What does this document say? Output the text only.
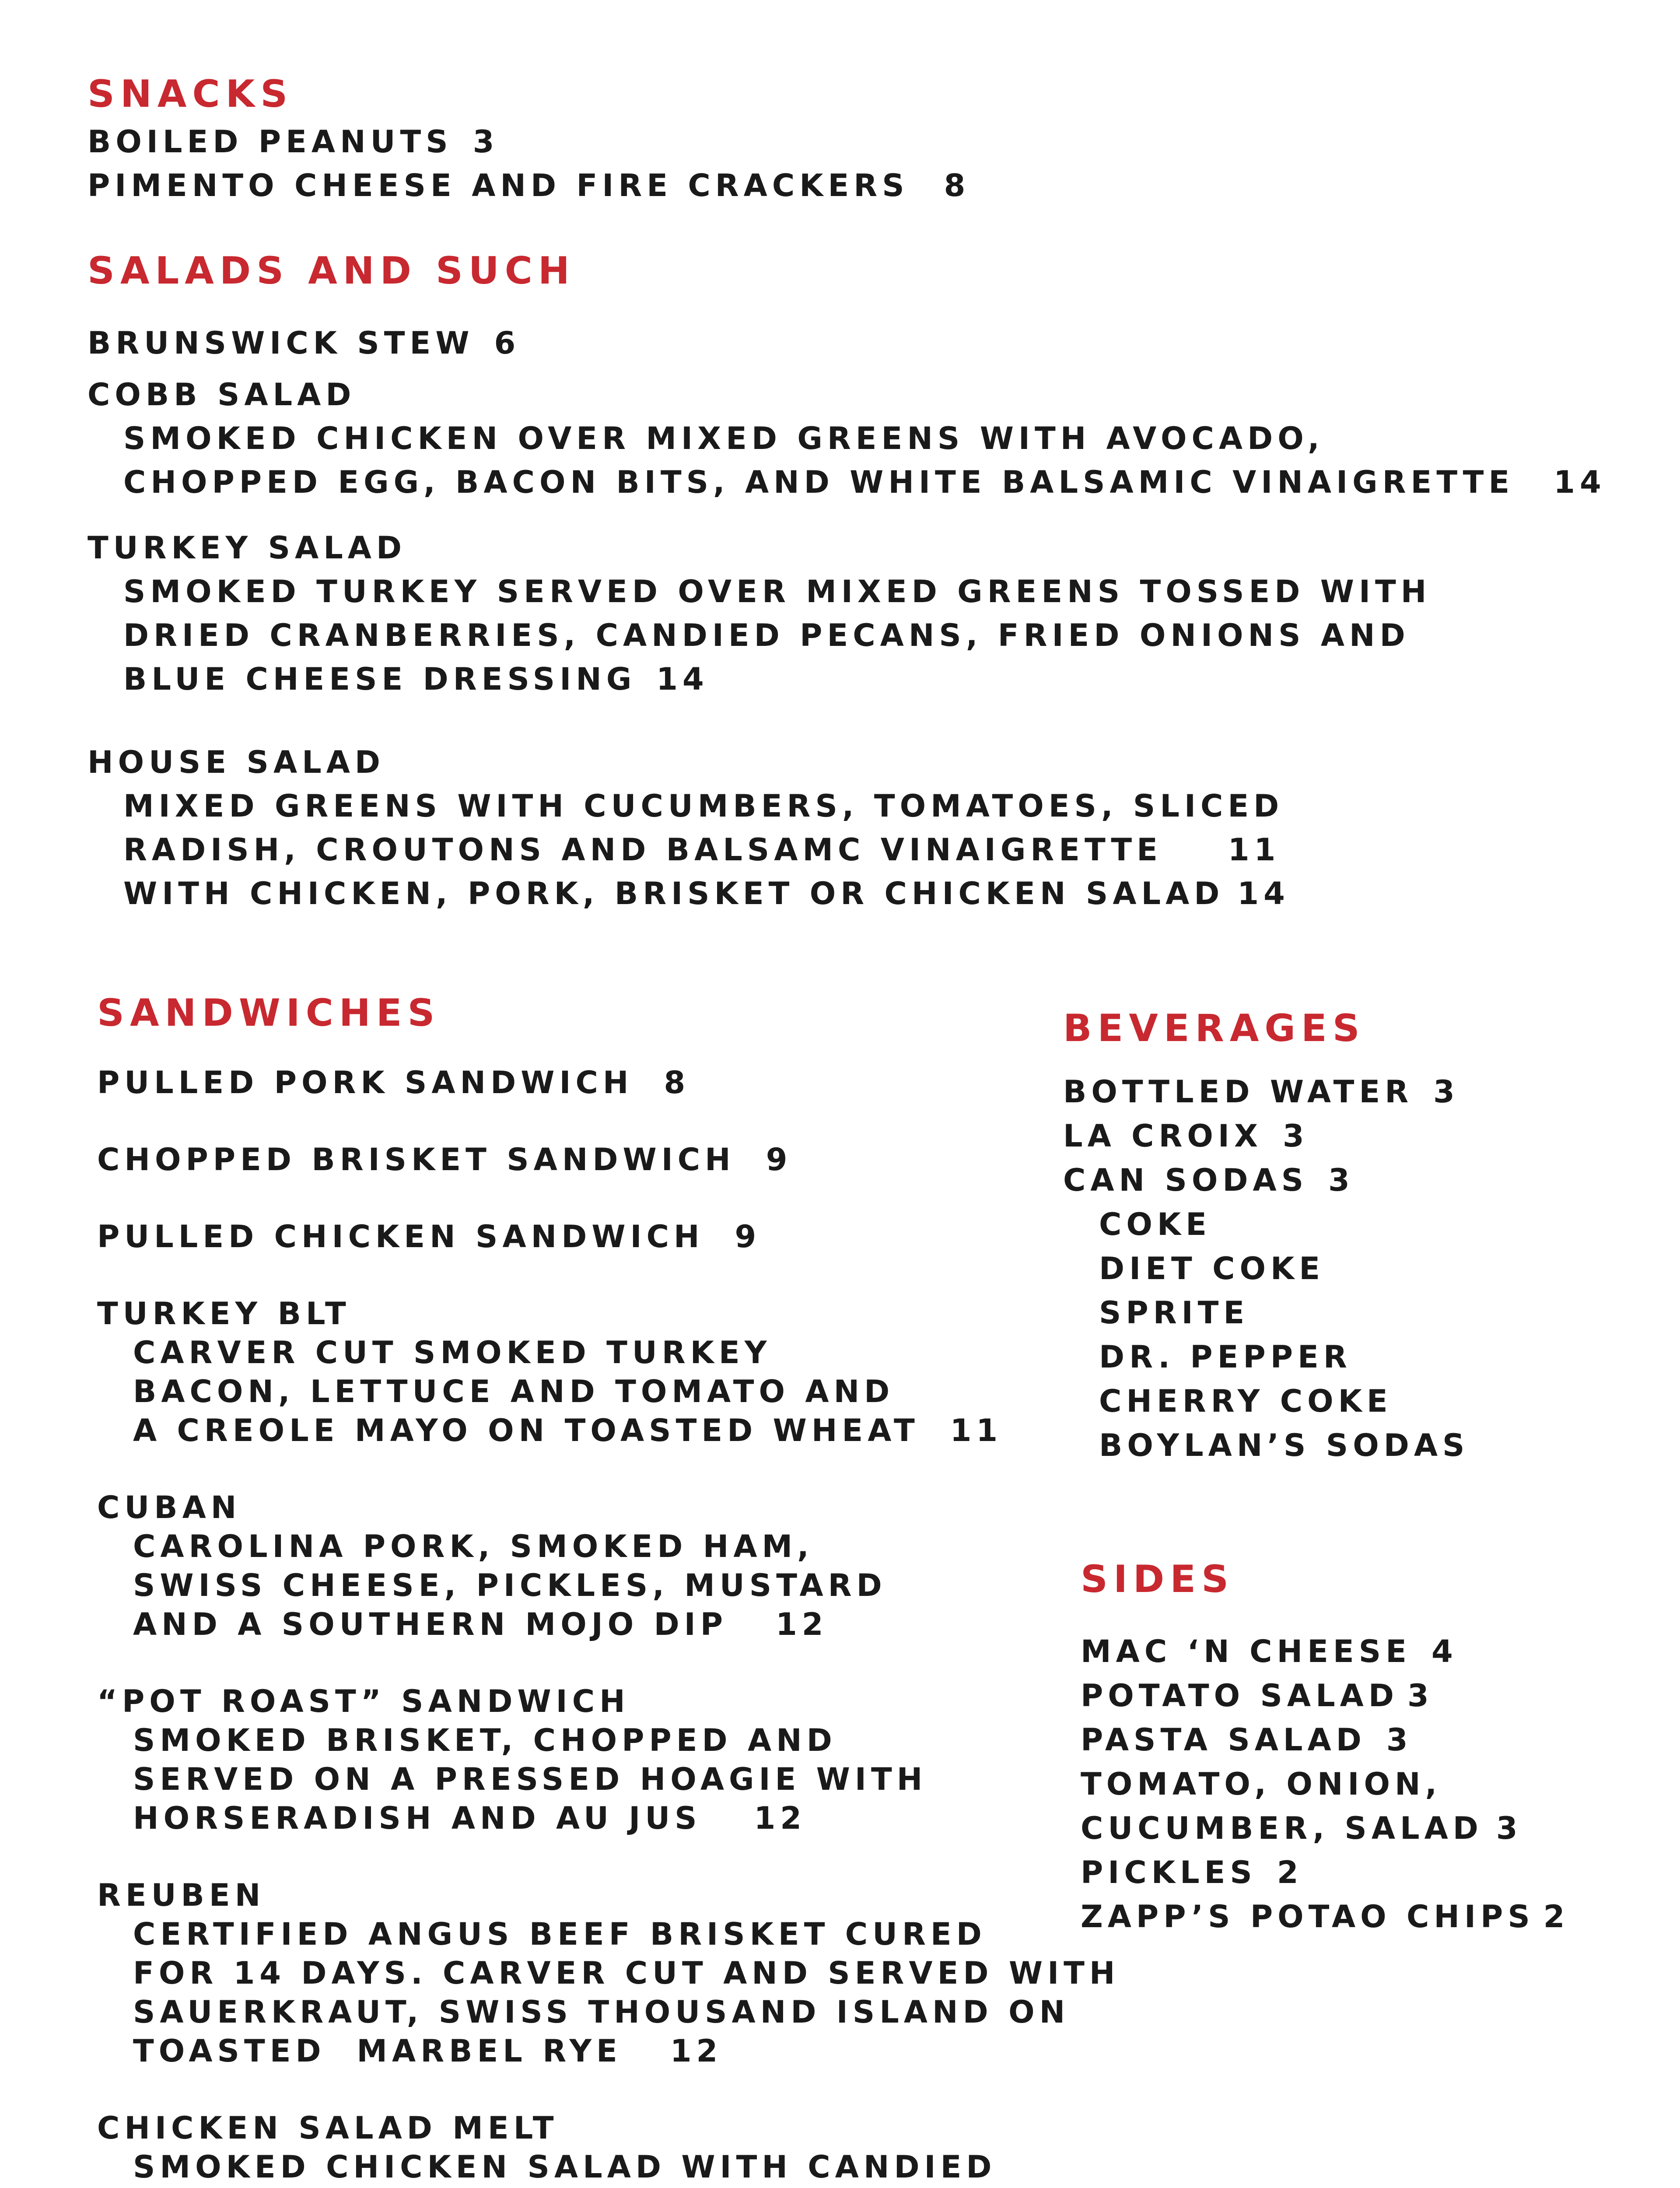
SNACKS
BOILED PEANUTS 3
PIMENTO CHEESE AND FIRE CRACKERS 8
SALADS AND SUCH
BRUNSWICK STEW 6
COBB SALAD
SMOKED CHICKEN OVER MIXED GREENS WITH AVOCADO,
CHOPPED EGG, BACON BITS, AND WHITE BALSAMIC VINAIGRETTE 14
TURKEY SALAD
SMOKED TURKEY SERVED OVER MIXED GREENS TOSSED WITH
DRIED CRANBERRIES, CANDIED PECANS, FRIED ONIONS AND
BLUE CHEESE DRESSING 14
HOUSE SALAD
MIXED GREENS WITH CUCUMBERS, TOMATOES, SLICED
RADISH, CROUTONS AND BALSAMC VINAIGRETTE 11
WITH CHICKEN, PORK, BRISKET OR CHICKEN SALAD 14
SANDWICHES
PULLED PORK SANDWICH 8
CHOPPED BRISKET SANDWICH 9
PULLED CHICKEN SANDWICH 9
TURKEY BLT
CARVER CUT SMOKED TURKEY
BACON, LETTUCE AND TOMATO AND
A CREOLE MAYO ON TOASTED WHEAT 11
CUBAN
CAROLINA PORK, SMOKED HAM,
SWISS CHEESE, PICKLES, MUSTARD
AND A SOUTHERN MOJO DIP 12
“POT ROAST” SANDWICH
SMOKED BRISKET, CHOPPED AND
SERVED ON A PRESSED HOAGIE WITH
HORSERADISH AND AU JUS 12
REUBEN
CERTIFIED ANGUS BEEF BRISKET CURED
FOR 14 DAYS. CARVER CUT AND SERVED WITH
SAUERKRAUT, SWISS THOUSAND ISLAND ON
TOASTED  MARBEL RYE 12
CHICKEN SALAD MELT
SMOKED CHICKEN SALAD WITH CANDIED
BEVERAGES
BOTTLED WATER 3
LA CROIX 3
CAN SODAS 3
COKE
DIET COKE
SPRITE
DR. PEPPER
CHERRY COKE
BOYLAN’S SODAS
SIDES
MAC ‘N CHEESE 4
POTATO SALAD 3
PASTA SALAD 3
TOMATO, ONION,
CUCUMBER, SALAD 3
PICKLES 2
ZAPP’S POTAO CHIPS 2
